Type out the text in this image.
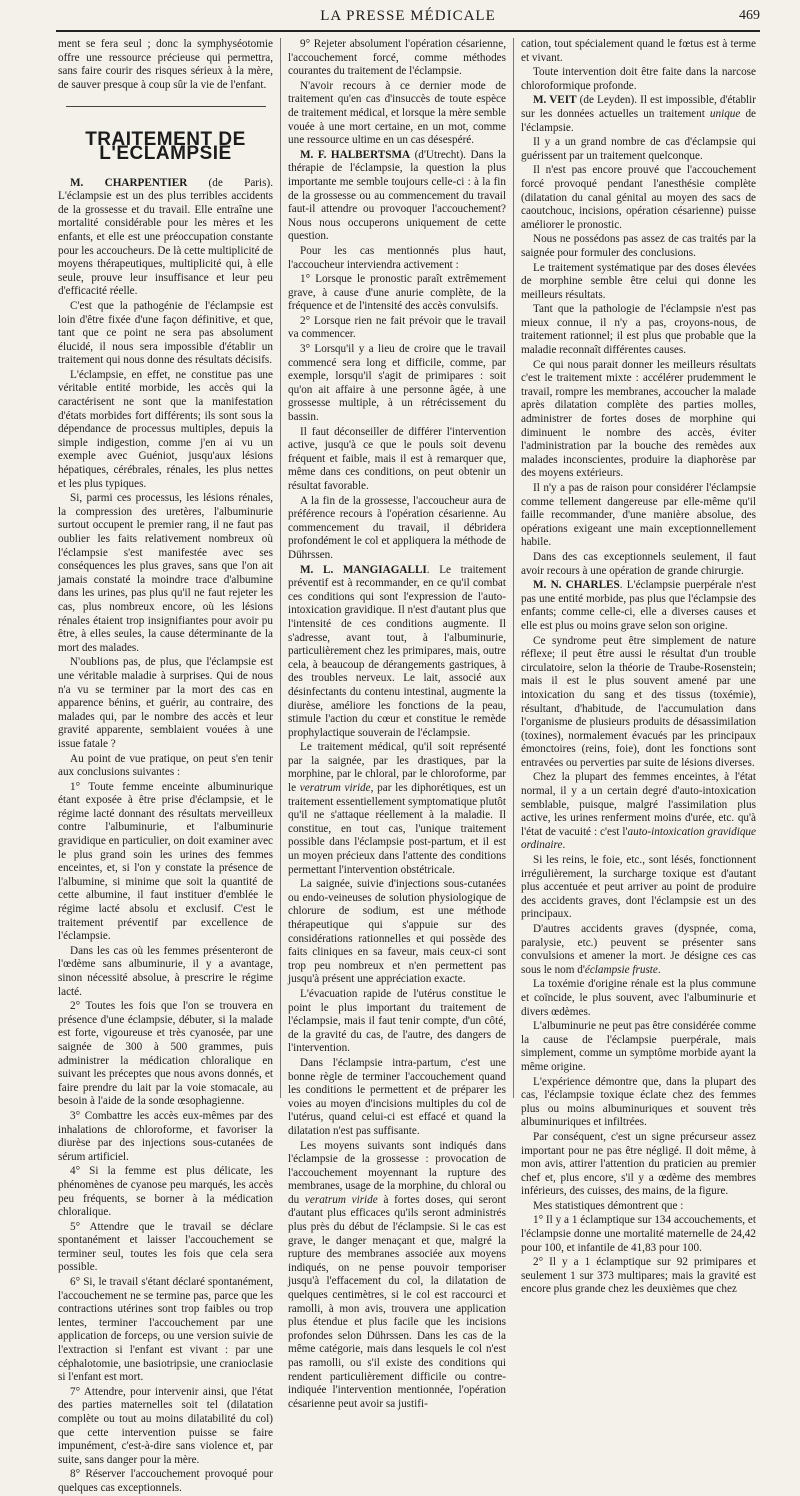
LA PRESSE MÉDICALE	469

ment se fera seul ; donc la symphyséotomie offre une ressource précieuse qui permettra, sans faire courir des risques sérieux à la mère, de sauver presque à coup sûr la vie de l'enfant.

TRAITEMENT DE L'ECLAMPSIE

M. CHARPENTIER (de Paris). L'éclampsie est un des plus terribles accidents de la grossesse et du travail. Elle entraîne une mortalité considérable pour les mères et les enfants, et elle est une préoccupation constante pour les accoucheurs. De là cette multiplicité de moyens thérapeutiques, multiplicité qui, à elle seule, prouve leur insuffisance et leur peu d'efficacité réelle.

C'est que la pathogénie de l'éclampsie est loin d'être fixée d'une façon définitive, et que, tant que ce point ne sera pas absolument élucidé, il nous sera impossible d'établir un traitement qui nous donne des résultats décisifs.

L'éclampsie, en effet, ne constitue pas une véritable entité morbide, les accès qui la caractérisent ne sont que la manifestation d'états morbides fort différents; ils sont sous la dépendance de processus multiples, depuis la simple indigestion, comme j'en ai vu un exemple avec Guéniot, jusqu'aux lésions hépatiques, cérébrales, rénales, les plus nettes et les plus typiques.

Si, parmi ces processus, les lésions rénales, la compression des uretères, l'albuminurie surtout occupent le premier rang, il ne faut pas oublier les faits relativement nombreux où l'éclampsie s'est manifestée avec ses conséquences les plus graves, sans que l'on ait jamais constaté la moindre trace d'albumine dans les urines, pas plus qu'il ne faut rejeter les cas, plus nombreux encore, où les lésions rénales étaient trop insignifiantes pour avoir pu être, à elles seules, la cause déterminante de la mort des malades.

N'oublions pas, de plus, que l'éclampsie est une véritable maladie à surprises. Qui de nous n'a vu se terminer par la mort des cas en apparence bénins, et guérir, au contraire, des malades qui, par le nombre des accès et leur gravité apparente, semblaient vouées à une issue fatale ?

Au point de vue pratique, on peut s'en tenir aux conclusions suivantes :

1° Toute femme enceinte albuminurique étant exposée à être prise d'éclampsie, et le régime lacté donnant des résultats merveilleux contre l'albuminurie, et l'albuminurie gravidique en particulier, on doit examiner avec le plus grand soin les urines des femmes enceintes, et, si l'on y constate la présence de l'albumine, si minime que soit la quantité de cette albumine, il faut instituer d'emblée le régime lacté absolu et exclusif. C'est le traitement préventif par excellence de l'éclampsie.

Dans les cas où les femmes présenteront de l'œdème sans albuminurie, il y a avantage, sinon nécessité absolue, à prescrire le régime lacté.

2° Toutes les fois que l'on se trouvera en présence d'une éclampsie, débuter, si la malade est forte, vigoureuse et très cyanosée, par une saignée de 300 à 500 grammes, puis administrer la médication chloralique en suivant les préceptes que nous avons donnés, et faire prendre du lait par la voie stomacale, au besoin à l'aide de la sonde œsophagienne.

3° Combattre les accès eux-mêmes par des inhalations de chloroforme, et favoriser la diurèse par des injections sous-cutanées de sérum artificiel.

4° Si la femme est plus délicate, les phénomènes de cyanose peu marqués, les accès peu fréquents, se borner à la médication chloralique.

5° Attendre que le travail se déclare spontanément et laisser l'accouchement se terminer seul, toutes les fois que cela sera possible.

6° Si, le travail s'étant déclaré spontanément, l'accouchement ne se termine pas, parce que les contractions utérines sont trop faibles ou trop lentes, terminer l'accouchement par une application de forceps, ou une version suivie de l'extraction si l'enfant est vivant : par une céphalotomie, une basiotripsie, une cranioclasie si l'enfant est mort.

7° Attendre, pour intervenir ainsi, que l'état des parties maternelles soit tel (dilatation complète ou tout au moins dilatabilité du col) que cette intervention puisse se faire impunément, c'est-à-dire sans violence et, par suite, sans danger pour la mère.

8° Réserver l'accouchement provoqué pour quelques cas exceptionnels.

9° Rejeter absolument l'opération césarienne, l'accouchement forcé, comme méthodes courantes du traitement de l'éclampsie.

N'avoir recours à ce dernier mode de traitement qu'en cas d'insuccès de toute espèce de traitement médical, et lorsque la mère semble vouée à une mort certaine, en un mot, comme une ressource ultime en un cas désespéré.

M. F. HALBERTSMA (d'Utrecht). Dans la thérapie de l'éclampsie, la question la plus importante me semble toujours celle-ci : à la fin de la grossesse ou au commencement du travail faut-il attendre ou provoquer l'accouchement? Nous nous occuperons uniquement de cette question.

Pour les cas mentionnés plus haut, l'accoucheur interviendra activement :

1° Lorsque le pronostic paraît extrêmement grave, à cause d'une anurie complète, de la fréquence et de l'intensité des accès convulsifs.

2° Lorsque rien ne fait prévoir que le travail va commencer.

3° Lorsqu'il y a lieu de croire que le travail commencé sera long et difficile, comme, par exemple, lorsqu'il s'agit de primipares : soit qu'on ait affaire à une personne âgée, à une grossesse multiple, à un rétrécissement du bassin.

Il faut déconseiller de différer l'intervention active, jusqu'à ce que le pouls soit devenu fréquent et faible, mais il est à remarquer que, même dans ces conditions, on peut obtenir un résultat favorable.

A la fin de la grossesse, l'accoucheur aura de préférence recours à l'opération césarienne. Au commencement du travail, il débridera profondément le col et appliquera la méthode de Dührssen.

M. L. MANGIAGALLI. Le traitement préventif est à recommander, en ce qu'il combat ces conditions qui sont l'expression de l'auto-intoxication gravidique. Il n'est d'autant plus que l'intensité de ces conditions augmente. Il s'adresse, avant tout, à l'albuminurie, particulièrement chez les primipares, mais, outre cela, à beaucoup de dérangements gastriques, à des troubles nerveux. Le lait, associé aux désinfectants du contenu intestinal, augmente la diurèse, améliore les fonctions de la peau, stimule l'action du cœur et constitue le remède prophylactique souverain de l'éclampsie.

Le traitement médical, qu'il soit représenté par la saignée, par les drastiques, par la morphine, par le chloral, par le chloroforme, par le veratrum viride, par les diphorétiques, est un traitement essentiellement symptomatique plutôt qu'il ne s'attaque réellement à la maladie. Il constitue, en tout cas, l'unique traitement possible dans l'éclampsie post-partum, et il est un moyen précieux dans l'attente des conditions permettant l'intervention obstétricale.

La saignée, suivie d'injections sous-cutanées ou endo-veineuses de solution physiologique de chlorure de sodium, est une méthode thérapeutique qui s'appuie sur des considérations rationnelles et qui possède des faits cliniques en sa faveur, mais ceux-ci sont trop peu nombreux et n'en permettent pas jusqu'à présent une appréciation exacte.

L'évacuation rapide de l'utérus constitue le point le plus important du traitement de l'éclampsie, mais il faut tenir compte, d'un côté, de la gravité du cas, de l'autre, des dangers de l'intervention.

Dans l'éclampsie intra-partum, c'est une bonne règle de terminer l'accouchement quand les conditions le permettent et de préparer les voies au moyen d'incisions multiples du col de l'utérus, quand celui-ci est effacé et quand la dilatation n'est pas suffisante.

Les moyens suivants sont indiqués dans l'éclampsie de la grossesse : provocation de l'accouchement moyennant la rupture des membranes, usage de la morphine, du chloral ou du veratrum viride à fortes doses, qui seront d'autant plus efficaces qu'ils seront administrés plus près du début de l'éclampsie. Si le cas est grave, le danger menaçant et que, malgré la rupture des membranes associée aux moyens indiqués, on ne pense pouvoir temporiser jusqu'à l'effacement du col, la dilatation de quelques centimètres, si le col est raccourci et ramolli, à mon avis, trouvera une application plus étendue et plus facile que les incisions profondes selon Dührssen. Dans les cas de la même catégorie, mais dans lesquels le col n'est pas ramolli, ou s'il existe des conditions qui rendent particulièrement difficile ou contre-indiquée l'intervention mentionnée, l'opération césarienne peut avoir sa justifi-

cation, tout spécialement quand le fœtus est à terme et vivant.

Toute intervention doit être faite dans la narcose chloroformique profonde.

M. VEIT (de Leyden). Il est impossible, d'établir sur les données actuelles un traitement unique de l'éclampsie.

Il y a un grand nombre de cas d'éclampsie qui guérissent par un traitement quelconque.

Il n'est pas encore prouvé que l'accouchement forcé provoqué pendant l'anesthésie complète (dilatation du canal génital au moyen des sacs de caoutchouc, incisions, opération césarienne) puisse améliorer le pronostic.

Nous ne possédons pas assez de cas traités par la saignée pour formuler des conclusions.

Le traitement systématique par des doses élevées de morphine semble être celui qui donne les meilleurs résultats.

Tant que la pathologie de l'éclampsie n'est pas mieux connue, il n'y a pas, croyons-nous, de traitement rationnel; il est plus que probable que la maladie reconnaît différentes causes.

Ce qui nous parait donner les meilleurs résultats c'est le traitement mixte : accélérer prudemment le travail, rompre les membranes, accoucher la malade après dilatation complète des parties molles, administrer de fortes doses de morphine qui diminuent le nombre des accès, éviter l'administration par la bouche des remèdes aux malades inconscientes, produire la diaphorèse par des moyens extérieurs.

Il n'y a pas de raison pour considérer l'éclampsie comme tellement dangereuse par elle-même qu'il faille recommander, d'une manière absolue, des opérations exigeant une main exceptionnellement habile.

Dans des cas exceptionnels seulement, il faut avoir recours à une opération de grande chirurgie.

M. N. CHARLES. L'éclampsie puerpérale n'est pas une entité morbide, pas plus que l'éclampsie des enfants; comme celle-ci, elle a diverses causes et elle est plus ou moins grave selon son origine.

Ce syndrome peut être simplement de nature réflexe; il peut être aussi le résultat d'un trouble circulatoire, selon la théorie de Traube-Rosenstein; mais il est le plus souvent amené par une intoxication du sang et des tissus (toxémie), résultant, d'habitude, de l'accumulation dans l'organisme de plusieurs produits de désassimilation (toxines), normalement évacués par les principaux émonctoires (reins, foie), dont les fonctions sont entravées ou perverties par suite de lésions diverses.

Chez la plupart des femmes enceintes, à l'état normal, il y a un certain degré d'auto-intoxication semblable, puisque, malgré l'assimilation plus active, les urines renferment moins d'urée, etc. qu'à l'état de vacuité : c'est l'auto-intoxication gravidique ordinaire.

Si les reins, le foie, etc., sont lésés, fonctionnent irrégulièrement, la surcharge toxique est d'autant plus accentuée et peut arriver au point de produire des accidents graves, dont l'éclampsie est un des principaux.

D'autres accidents graves (dyspnée, coma, paralysie, etc.) peuvent se présenter sans convulsions et amener la mort. Je désigne ces cas sous le nom d'éclampsie fruste.

La toxémie d'origine rénale est la plus commune et coïncide, le plus souvent, avec l'albuminurie et divers œdèmes.

L'albuminurie ne peut pas être considérée comme la cause de l'éclampsie puerpérale, mais simplement, comme un symptôme morbide ayant la même origine.

L'expérience démontre que, dans la plupart des cas, l'éclampsie toxique éclate chez des femmes plus ou moins albuminuriques et souvent très albuminuriques et infiltrées.

Par conséquent, c'est un signe précurseur assez important pour ne pas être négligé. Il doit même, à mon avis, attirer l'attention du praticien au premier chef et, plus encore, s'il y a œdème des membres inférieurs, des cuisses, des mains, de la figure.

Mes statistiques démontrent que :

1° Il y a 1 éclamptique sur 134 accouchements, et l'éclampsie donne une mortalité maternelle de 24,42 pour 100, et infantile de 41,83 pour 100.

2° Il y a 1 éclamptique sur 92 primipares et seulement 1 sur 373 multipares; mais la gravité est encore plus grande chez les deuxièmes que chez
